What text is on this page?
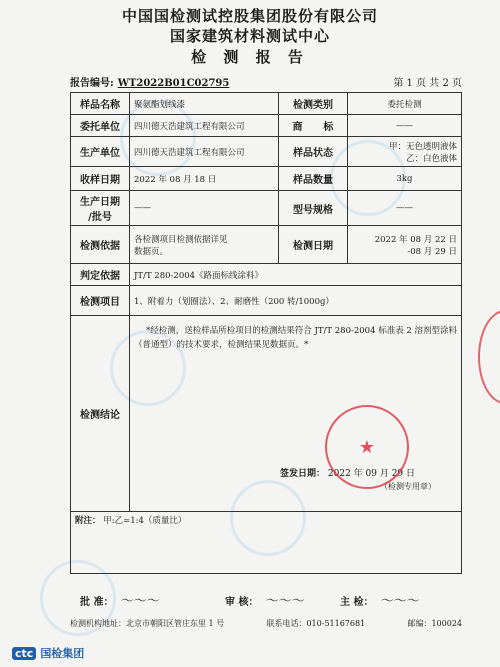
中国国检测试控股集团股份有限公司
国家建筑材料测试中心
检 测 报 告
报告编号: WT2022B01C02795	第 1 页 共 2 页
样品名称	聚氨酯划线漆	检测类别	委托检测
委托单位	四川德天浩建筑工程有限公司	商      标	——
生产单位	四川德天浩建筑工程有限公司	样品状态	甲：无色透明液体
乙：白色液体
收样日期	2022 年 08 月 18 日	样品数量	3kg
生产日期
/批号	——	型号规格	——
检测依据	各检测项目检测依据详见
数据页。	检测日期	2022 年 08 月 22 日
-08 月 29 日
判定依据	JT/T 280-2004《路面标线涂料》		
检测项目	1、附着力（划圈法）、2、耐磨性（200 转/1000g）		
检测结论	*经检测，送检样品所检项目的检测结果符合 JT/T 280-2004 标准表 2 溶剂型涂料（普通型）的技术要求，检测结果见数据页。*
签发日期： 2022 年 09 月 29 日
（检测专用章）		

附注： 甲:乙=1:4（质量比）			
★
批 准： 〜〜〜	审 核： 〜〜〜	主 检： 〜〜〜
检测机构地址：北京市朝阳区管庄东里 1 号	联系电话：010-51167681	邮编：100024
ctc 国检集团
